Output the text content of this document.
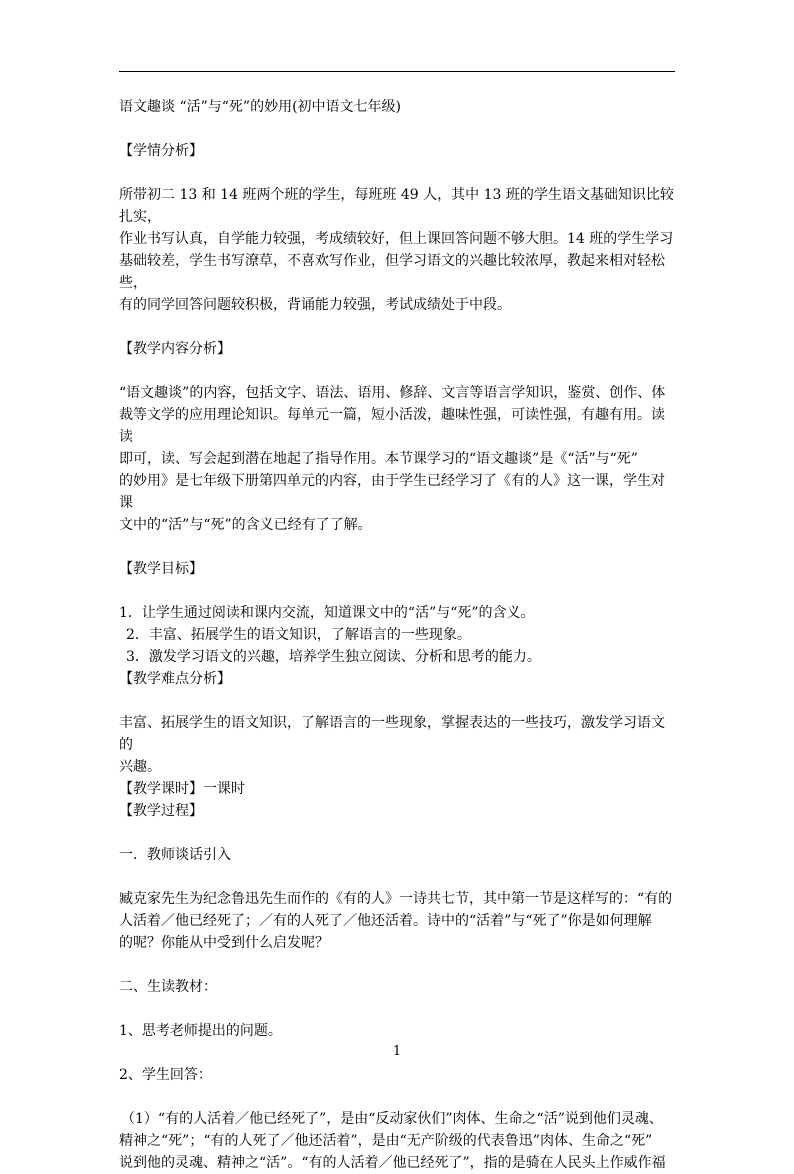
语文趣谈 “活”与“死”的妙用(初中语文七年级)

【学情分析】

所带初二 13 和 14 班两个班的学生，每班班 49 人，其中 13 班的学生语文基础知识比较扎实，

作业书写认真，自学能力较强，考成绩较好，但上课回答问题不够大胆。14 班的学生学习

基础较差，学生书写潦草，不喜欢写作业，但学习语文的兴趣比较浓厚，教起来相对轻松些，

有的同学回答问题较积极，背诵能力较强，考试成绩处于中段。

【教学内容分析】

“语文趣谈”的内容，包括文字、语法、语用、修辞、文言等语言学知识，鉴赏、创作、体

裁等文学的应用理论知识。每单元一篇，短小活泼，趣味性强，可读性强，有趣有用。读读

即可，读、写会起到潜在地起了指导作用。本节课学习的“语文趣谈”是《“活”与“死”

的妙用》是七年级下册第四单元的内容，由于学生已经学习了《有的人》这一课，学生对课

文中的“活”与“死”的含义已经有了了解。

【教学目标】

1．让学生通过阅读和课内交流，知道课文中的“活”与“死”的含义。

2．丰富、拓展学生的语文知识，了解语言的一些现象。

3．激发学习语文的兴趣，培养学生独立阅读、分析和思考的能力。

【教学难点分析】

丰富、拓展学生的语文知识，了解语言的一些现象，掌握表达的一些技巧，激发学习语文的

兴趣。

【教学课时】一课时

【教学过程】

一．教师谈话引入

臧克家先生为纪念鲁迅先生而作的《有的人》一诗共七节，其中第一节是这样写的：“有的

人活着／他已经死了；／有的人死了／他还活着。诗中的“活着”与“死了”你是如何理解

的呢？你能从中受到什么启发呢？

二、生读教材：

1、思考老师提出的问题。

2、学生回答：

（1）“有的人活着／他已经死了”，是由“反动家伙们”肉体、生命之“活”说到他们灵魂、

精神之“死”；“有的人死了／他还活着”，是由“无产阶级的代表鲁迅”肉体、生命之“死”

说到他的灵魂、精神之“活”。“有的人活着／他已经死了”，指的是骑在人民头上作威作福

1
